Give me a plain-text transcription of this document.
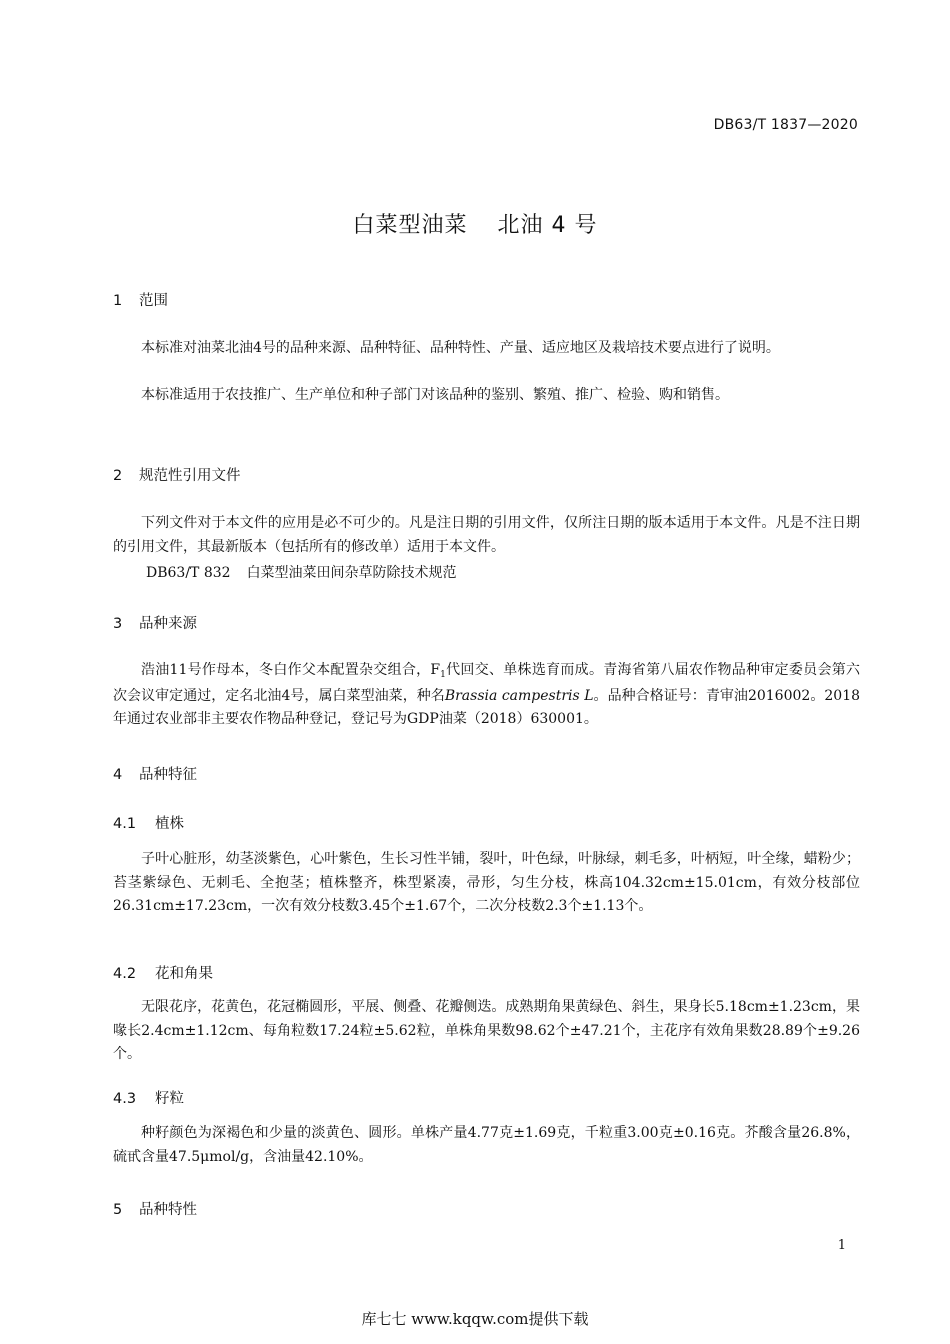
DB63/T 1837—2020
白菜型油菜 北油 4 号
1 范围
本标准对油菜北油4号的品种来源、品种特征、品种特性、产量、适应地区及栽培技术要点进行了说明。
本标准适用于农技推广、生产单位和种子部门对该品种的鉴别、繁殖、推广、检验、购和销售。
2 规范性引用文件
下列文件对于本文件的应用是必不可少的。凡是注日期的引用文件，仅所注日期的版本适用于本文件。凡是不注日期的引用文件，其最新版本（包括所有的修改单）适用于本文件。
DB63/T 832 白菜型油菜田间杂草防除技术规范
3 品种来源
浩油11号作母本，冬白作父本配置杂交组合，$F_1$代回交、单株选育而成。青海省第八届农作物品种审定委员会第六次会议审定通过，定名北油4号，属白菜型油菜，种名Brassia campestris L。品种合格证号：青审油2016002。2018年通过农业部非主要农作物品种登记，登记号为GDP油菜（2018）630001。
4 品种特征
4.1 植株
子叶心脏形，幼茎淡紫色，心叶紫色，生长习性半铺，裂叶，叶色绿，叶脉绿，刺毛多，叶柄短，叶全缘，蜡粉少；苔茎紫绿色、无刺毛、全抱茎；植株整齐，株型紧凑，帚形，匀生分枝，株高104.32cm±15.01cm，有效分枝部位26.31cm±17.23cm，一次有效分枝数3.45个±1.67个，二次分枝数2.3个±1.13个。
4.2 花和角果
无限花序，花黄色，花冠椭圆形，平展、侧叠、花瓣侧迭。成熟期角果黄绿色、斜生，果身长5.18cm±1.23cm，果喙长2.4cm±1.12cm、每角粒数17.24粒±5.62粒，单株角果数98.62个±47.21个，主花序有效角果数28.89个±9.26个。
4.3 籽粒
种籽颜色为深褐色和少量的淡黄色、圆形。单株产量4.77克±1.69克，千粒重3.00克±0.16克。芥酸含量26.8%，硫甙含量47.5μmol/g，含油量42.10%。
5 品种特性
1
库七七 www.kqqw.com提供下载
